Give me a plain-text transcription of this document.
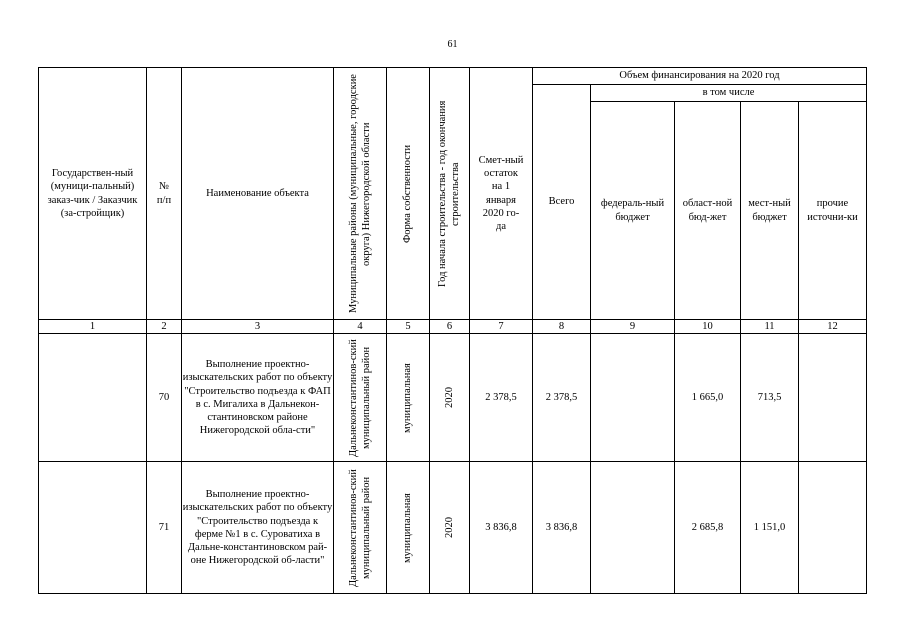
61
Государствен-ный (муници-пальный) заказ-чик / Заказчик (за-стройщик)	№ п/п	Наименование объекта	Муниципальные районы (муниципальные, городские округа) Нижегородской области	Форма собственности	Год начала строительства - год окончания строительства	Смет-ный остаток на 1 января 2020 го-да	Объем финансирования на 2020 год				
							Всего	в том числе			
								федераль-ный бюджет	област-ной бюд-жет	мест-ный бюджет	прочие источни-ки
1	2	3	4	5	6	7	8	9	10	11	12
	70	Выполнение проектно-изыскательских работ по объекту "Строительство подъезда к ФАП в с. Мигалиха в Дальнекон-стантиновском районе Нижегородской обла-сти"	Дальнеконстантинов-ский муниципальный район	муниципальная	2020	2 378,5	2 378,5		1 665,0	713,5	
	71	Выполнение проектно-изыскательских работ по объекту "Строительство подъезда к ферме №1 в с. Суроватиха в Дальне-константиновском рай-оне Нижегородской об-ласти"	Дальнеконстантинов-ский муниципальный район	муниципальная	2020	3 836,8	3 836,8		2 685,8	1 151,0	
